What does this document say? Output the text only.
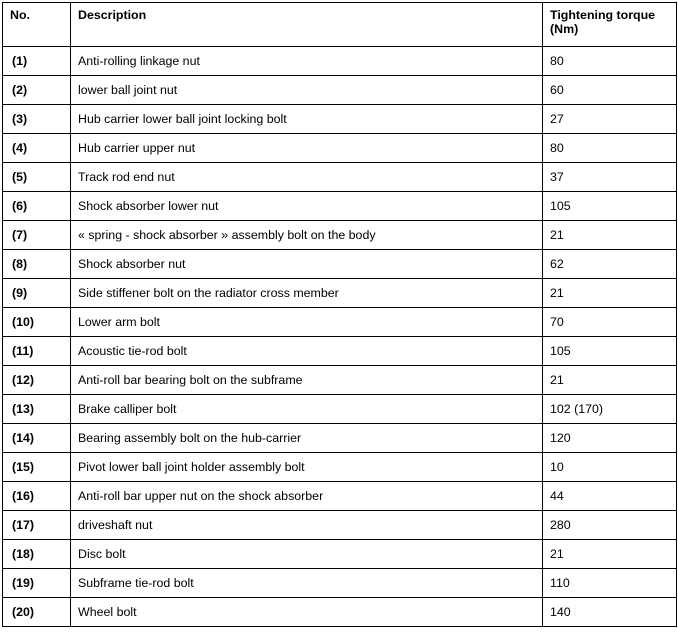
No.	Description	Tightening torque (Nm)
(1)	Anti-rolling linkage nut	80
(2)	lower ball joint nut	60
(3)	Hub carrier lower ball joint locking bolt	27
(4)	Hub carrier upper nut	80
(5)	Track rod end nut	37
(6)	Shock absorber lower nut	105
(7)	« spring - shock absorber » assembly bolt on the body	21
(8)	Shock absorber nut	62
(9)	Side stiffener bolt on the radiator cross member	21
(10)	Lower arm bolt	70
(11)	Acoustic tie-rod bolt	105
(12)	Anti-roll bar bearing bolt on the subframe	21
(13)	Brake calliper bolt	102 (170)
(14)	Bearing assembly bolt on the hub-carrier	120
(15)	Pivot lower ball joint holder assembly bolt	10
(16)	Anti-roll bar upper nut on the shock absorber	44
(17)	driveshaft nut	280
(18)	Disc bolt	21
(19)	Subframe tie-rod bolt	110
(20)	Wheel bolt	140
